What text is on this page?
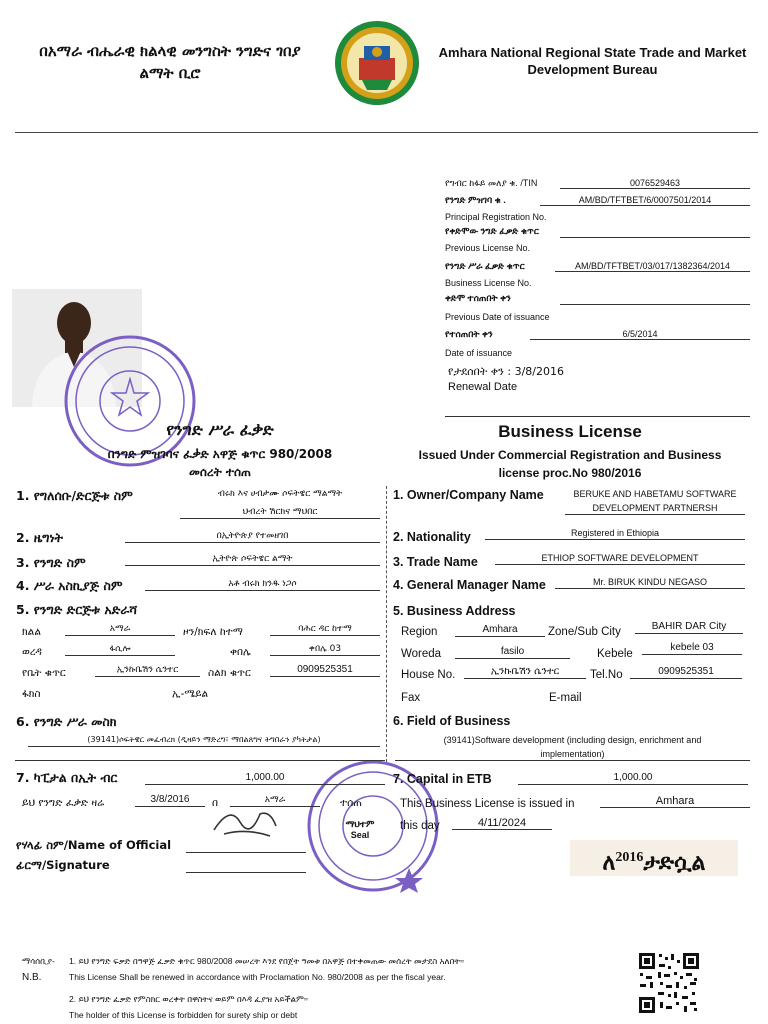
በአማራ ብሔራዊ ክልላዊ መንግስት ንግድና ገበያ
ልማት ቢሮ
Amhara National Regional State Trade and Market
Development Bureau
የግብር ከፋይ መለያ ቁ. /TIN	0076529463
የንግድ ምዝገባ ቁ .	AM/BD/TFTBET/6/0007501/2014
Principal Registration No.
የቀድሞው ንግድ ፈቃድ ቁጥር
Previous License No.
የንግድ ሥራ ፈቃድ ቁጥር	AM/BD/TFTBET/03/017/1382364/2014
Business License No.
ቀድሞ ተሰጠበት ቀን
Previous Date of issuance
የተሰጠበት ቀን	6/5/2014
Date of issuance
የታደሰበት ቀን : 3/8/2016
Renewal Date
የንግድ ሥራ ፈቃድ
በንግድ ምዝገባና ፈቃድ አዋጅ ቁጥር 980/2008
መሰረት ተሰጠ
Business License
Issued Under Commercial Registration and Business
license proc.No 980/2016
1. የግለሰቡ/ድርጅቱ ስም	ብሩክ እና ሀብታሙ ሶፍትዌር ማልማት
ህብረት ሽርክና ማህበር
2. ዜግነት	በኢትዮጵያ የተመዘገበ
3. የንግድ ስም	ኢትዮጵ ሶፍትዌር ልማት
4. ሥራ አስኪያጅ ስም	አቶ ብሩክ ክንዱ ነጋሶ
5. የንግድ ድርጅቱ አድራሻ
ክልል	አማራ	ዞን/ክፍለ ከተማ	ባሕር ዳር ከተማ
ወረዳ	ፋሲሎ	ቀበሌ	ቀበሌ 03
የቤት ቁጥር	ኢንኩቤሽን ሴንተር	ስልክ ቁጥር	0909525351
ፋክስ	ኢ-ሜይል
6. የንግድ ሥራ መስክ
(39141)ሶፍትዌር መፈብረክ (ዲዛይን ማድረግ፣ ማበልጸግና ትግበራን ያካትታል)
7. ካፒታል በኢት ብር	1,000.00
ይህ የንግድ ፈቃድ ዛሬ	3/8/2016	በ	አማራ	ተሰጠ
የሃላፊ ስም/Name of Official
ፊርማ/Signature
ማህተም
Seal
1. Owner/Company Name	BERUKE AND HABETAMU SOFTWARE
DEVELOPMENT PARTNERSH
2. Nationality	Registered in Ethiopia
3. Trade Name	ETHIOP SOFTWARE DEVELOPMENT
4. General Manager Name	Mr. BIRUK KINDU NEGASO
5. Business Address
Region	Amhara	Zone/Sub City	BAHIR DAR City
Woreda	fasilo	Kebele
kebele 03
House No.	ኢንኩቤሽን ሴንተር	Tel.No	0909525351
Fax	E-mail
6. Field of Business
(39141)Software development (including design, enrichment and
implementation)
7. Capital in ETB	1,000.00
This Business License is issued in	Amhara
this day	4/11/2024
ለ$^{2016}$ታድሷል
ማሳሰቢያ-
N.B.
1. ይህ የንግድ ፍቃድ በዓዋጅ ፈቃድ ቁጥር 980/2008 መሠረት እንደ የበጀት ዓመቱ በአዋጅ በተቀመጠው መሰረት መታደስ አለበት።
This License Shall be renewed in accordance with Proclamation No. 980/2008 as per the fiscal year.
2. ይህ የንግድ ፈቃድ የምስክር ወረቀት በዋስትና ወይም በእዳ ፈያዝ አይችልም።
The holder of this License is forbidden for surety ship or debt
